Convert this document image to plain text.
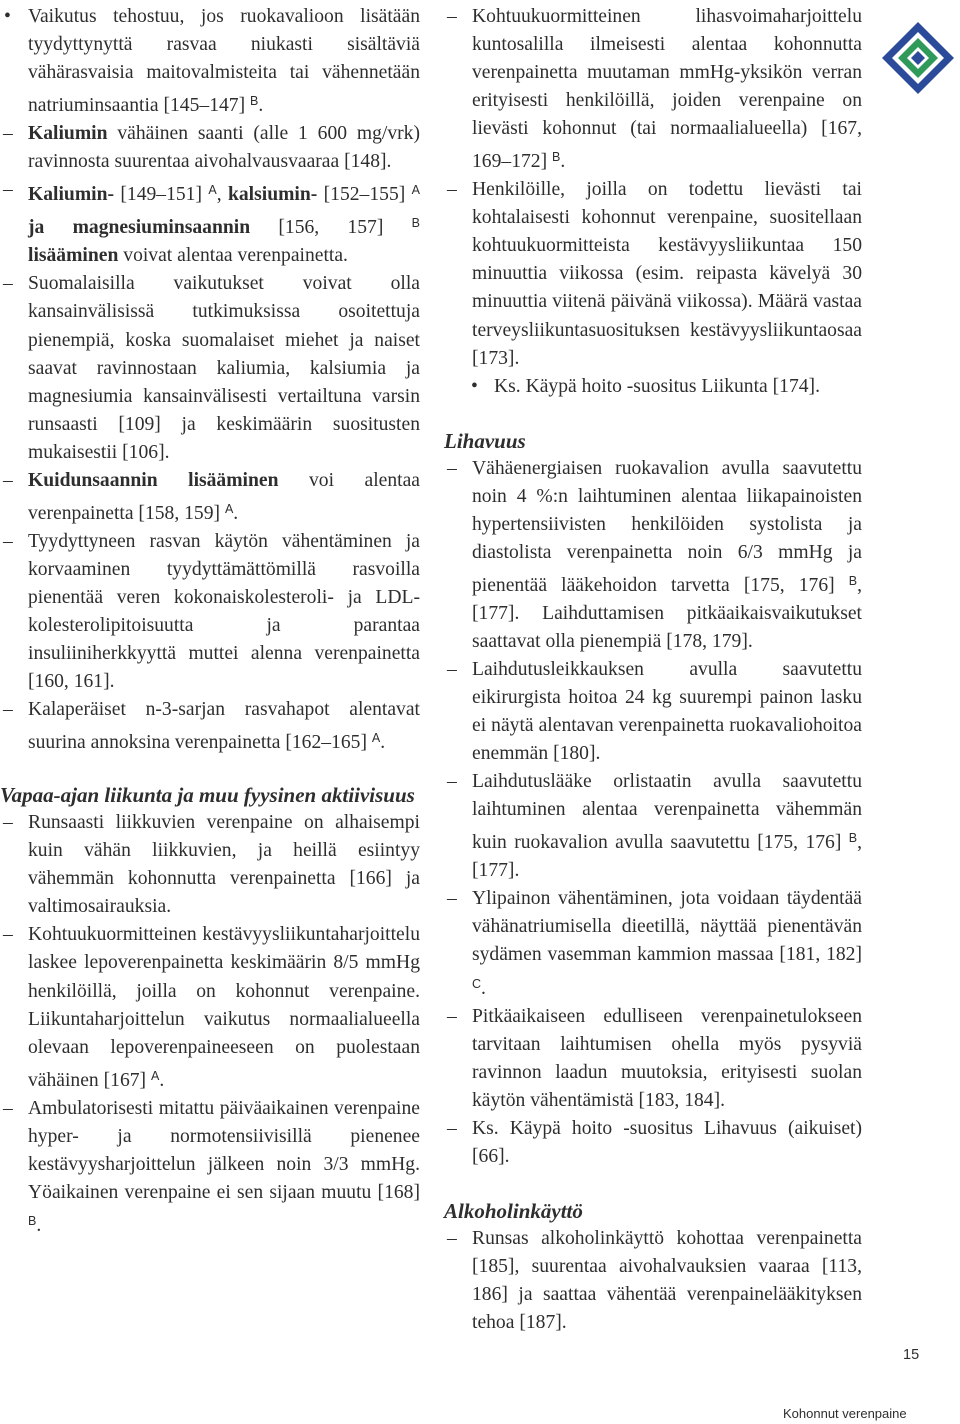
• Vaikutus tehostuu, jos ruokavalioon lisätään tyydyttynyttä rasvaa niukasti sisältäviä vähärasvaisia maitovalmisteita tai vähennetään natriuminsaantia [145–147] $^B$.

– Kaliumin vähäinen saanti (alle 1 600 mg/vrk) ravinnosta suurentaa aivohalvausvaaraa [148].

– Kaliumin- [149–151] $^A$, kalsiumin- [152–155] $^A$ ja magnesiuminsaannin [156, 157] $^B$ lisääminen voivat alentaa verenpainetta.

– Suomalaisilla vaikutukset voivat olla kansainvälisissä tutkimuksissa osoitettuja pienempiä, koska suomalaiset miehet ja naiset saavat ravinnostaan kaliumia, kalsiumia ja magnesiumia kansainvälisesti vertailtuna varsin runsaasti [109] ja keskimäärin suositusten mukaisestii [106].

– Kuidunsaannin lisääminen voi alentaa verenpainetta [158, 159] $^A$.

– Tyydyttyneen rasvan käytön vähentäminen ja korvaaminen tyydyttämättömillä rasvoilla pienentää veren kokonaiskolesteroli- ja LDL-kolesterolipitoisuutta ja parantaa insuliiniherkkyyttä muttei alenna verenpainetta [160, 161].

– Kalaperäiset n-3-sarjan rasvahapot alentavat suurina annoksina verenpainetta [162–165] $^A$.

Vapaa-ajan liikunta ja muu fyysinen aktiivisuus

– Runsaasti liikkuvien verenpaine on alhaisempi kuin vähän liikkuvien, ja heillä esiintyy vähemmän kohonnutta verenpainetta [166] ja valtimosairauksia.

– Kohtuukuormitteinen kestävyysliikuntaharjoittelu laskee lepoverenpainetta keskimäärin 8/5 mmHg henkilöillä, joilla on kohonnut verenpaine. Liikuntaharjoittelun vaikutus normaalialueella olevaan lepoverenpaineeseen on puolestaan vähäinen [167] $^A$.

– Ambulatorisesti mitattu päiväaikainen verenpaine hyper- ja normotensiivisillä pienenee kestävyysharjoittelun jälkeen noin 3/3 mmHg. Yöaikainen verenpaine ei sen sijaan muutu [168] $^B$.

– Kohtuukuormitteinen lihasvoimaharjoittelu kuntosalilla ilmeisesti alentaa kohonnutta verenpainetta muutaman mmHg-yksikön verran erityisesti henkilöillä, joiden verenpaine on lievästi kohonnut (tai normaalialueella) [167, 169–172] $^B$.

– Henkilöille, joilla on todettu lievästi tai kohtalaisesti kohonnut verenpaine, suositellaan kohtuukuormitteista kestävyysliikuntaa 150 minuuttia viikossa (esim. reipasta kävelyä 30 minuuttia viitenä päivänä viikossa). Määrä vastaa terveysliikuntasuosituksen kestävyysliikuntaosaa [173].

• Ks. Käypä hoito -suositus Liikunta [174].

Lihavuus

– Vähäenergiaisen ruokavalion avulla saavutettu noin 4 %:n laihtuminen alentaa liikapainoisten hypertensiivisten henkilöiden systolista ja diastolista verenpainetta noin 6/3 mmHg ja pienentää lääkehoidon tarvetta [175, 176] $^B$, [177]. Laihduttamisen pitkäaikaisvaikutukset saattavat olla pienempiä [178, 179].

– Laihdutusleikkauksen avulla saavutettu eikirurgista hoitoa 24 kg suurempi painon lasku ei näytä alentavan verenpainetta ruokavaliohoitoa enemmän [180].

– Laihdutuslääke orlistaatin avulla saavutettu laihtuminen alentaa verenpainetta vähemmän kuin ruokavalion avulla saavutettu [175, 176] $^B$, [177].

– Ylipainon vähentäminen, jota voidaan täydentää vähänatriumisella dieetillä, näyttää pienentävän sydämen vasemman kammion massaa [181, 182] $^C$.

– Pitkäaikaiseen edulliseen verenpainetulokseen tarvitaan laihtumisen ohella myös pysyviä ravinnon laadun muutoksia, erityisesti suolan käytön vähentämistä [183, 184].

– Ks. Käypä hoito -suositus Lihavuus (aikuiset) [66].

Alkoholinkäyttö

– Runsas alkoholinkäyttö kohottaa verenpainetta [185], suurentaa aivohalvauksien vaaraa [113, 186] ja saattaa vähentää verenpainelääkityksen tehoa [187].

15
Kohonnut verenpaine
